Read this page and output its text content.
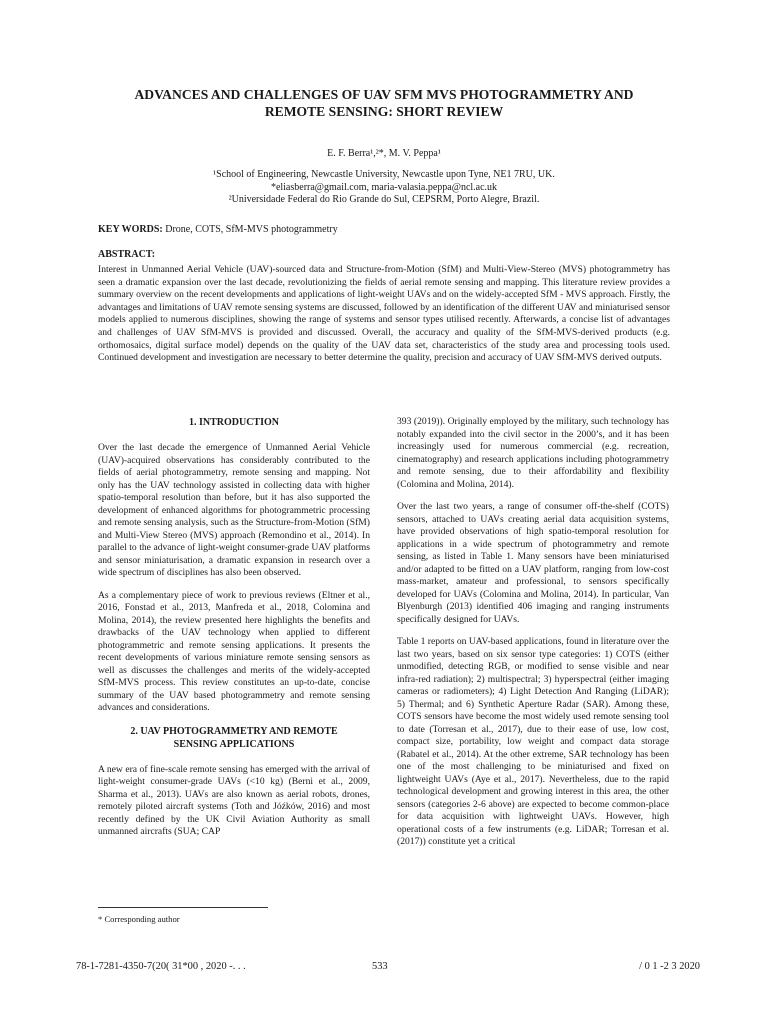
ADVANCES AND CHALLENGES OF UAV SFM MVS PHOTOGRAMMETRY AND
REMOTE SENSING: SHORT REVIEW
E. F. Berra¹,²*, M. V. Peppa¹
¹School of Engineering, Newcastle University, Newcastle upon Tyne, NE1 7RU, UK.
*eliasberra@gmail.com, maria-valasia.peppa@ncl.ac.uk
²Universidade Federal do Rio Grande do Sul, CEPSRM, Porto Alegre, Brazil.
KEY WORDS: Drone, COTS, SfM-MVS photogrammetry
ABSTRACT:
Interest in Unmanned Aerial Vehicle (UAV)-sourced data and Structure-from-Motion (SfM) and Multi-View-Stereo (MVS) photogrammetry has seen a dramatic expansion over the last decade, revolutionizing the fields of aerial remote sensing and mapping. This literature review provides a summary overview on the recent developments and applications of light-weight UAVs and on the widely-accepted SfM - MVS approach. Firstly, the advantages and limitations of UAV remote sensing systems are discussed, followed by an identification of the different UAV and miniaturised sensor models applied to numerous disciplines, showing the range of systems and sensor types utilised recently. Afterwards, a concise list of advantages and challenges of UAV SfM-MVS is provided and discussed. Overall, the accuracy and quality of the SfM-MVS-derived products (e.g. orthomosaics, digital surface model) depends on the quality of the UAV data set, characteristics of the study area and processing tools used. Continued development and investigation are necessary to better determine the quality, precision and accuracy of UAV SfM-MVS derived outputs.
1. INTRODUCTION

Over the last decade the emergence of Unmanned Aerial Vehicle (UAV)-acquired observations has considerably contributed to the fields of aerial photogrammetry, remote sensing and mapping. Not only has the UAV technology assisted in collecting data with higher spatio-temporal resolution than before, but it has also supported the development of enhanced algorithms for photogrammetric processing and remote sensing analysis, such as the Structure-from-Motion (SfM) and Multi-View Stereo (MVS) approach (Remondino et al., 2014). In parallel to the advance of light-weight consumer-grade UAV platforms and sensor miniaturisation, a dramatic expansion in research over a wide spectrum of disciplines has also been observed.

As a complementary piece of work to previous reviews (Eltner et al., 2016, Fonstad et al., 2013, Manfreda et al., 2018, Colomina and Molina, 2014), the review presented here highlights the benefits and drawbacks of the UAV technology when applied to different photogrammetric and remote sensing applications. It presents the recent developments of various miniature remote sensing sensors as well as discusses the challenges and merits of the widely-accepted SfM-MVS process. This review constitutes an up-to-date, concise summary of the UAV based photogrammetry and remote sensing advances and considerations.

2. UAV PHOTOGRAMMETRY AND REMOTE
SENSING APPLICATIONS

A new era of fine-scale remote sensing has emerged with the arrival of light-weight consumer-grade UAVs (<10 kg) (Berni et al., 2009, Sharma et al., 2013). UAVs are also known as aerial robots, drones, remotely piloted aircraft systems (Toth and Jóźków, 2016) and most recently defined by the UK Civil Aviation Authority as small unmanned aircrafts (SUA; CAP

393 (2019)). Originally employed by the military, such technology has notably expanded into the civil sector in the 2000’s, and it has been increasingly used for numerous commercial (e.g. recreation, cinematography) and research applications including photogrammetry and remote sensing, due to their affordability and flexibility (Colomina and Molina, 2014).

Over the last two years, a range of consumer off-the-shelf (COTS) sensors, attached to UAVs creating aerial data acquisition systems, have provided observations of high spatio-temporal resolution for applications in a wide spectrum of photogrammetry and remote sensing, as listed in Table 1. Many sensors have been miniaturised and/or adapted to be fitted on a UAV platform, ranging from low-cost mass-market, amateur and professional, to sensors specifically developed for UAVs (Colomina and Molina, 2014). In particular, Van Blyenburgh (2013) identified 406 imaging and ranging instruments specifically designed for UAVs.

Table 1 reports on UAV-based applications, found in literature over the last two years, based on six sensor type categories: 1) COTS (either unmodified, detecting RGB, or modified to sense visible and near infra-red radiation); 2) multispectral; 3) hyperspectral (either imaging cameras or radiometers); 4) Light Detection And Ranging (LiDAR); 5) Thermal; and 6) Synthetic Aperture Radar (SAR). Among these, COTS sensors have become the most widely used remote sensing tool to date (Torresan et al., 2017), due to their ease of use, low cost, compact size, portability, low weight and compact data storage (Rabatel et al., 2014). At the other extreme, SAR technology has been one of the most challenging to be miniaturised and fixed on lightweight UAVs (Aye et al., 2017). Nevertheless, due to the rapid technological development and growing interest in this area, the other sensors (categories 2-6 above) are expected to become common-place for data acquisition with lightweight UAVs. However, high operational costs of a few instruments (e.g. LiDAR; Torresan et al. (2017)) constitute yet a critical

* Corresponding author
78-1-7281-4350-7(20( 31*00 , 2020 -. . .	533	/ 0 1 -2 3 2020
